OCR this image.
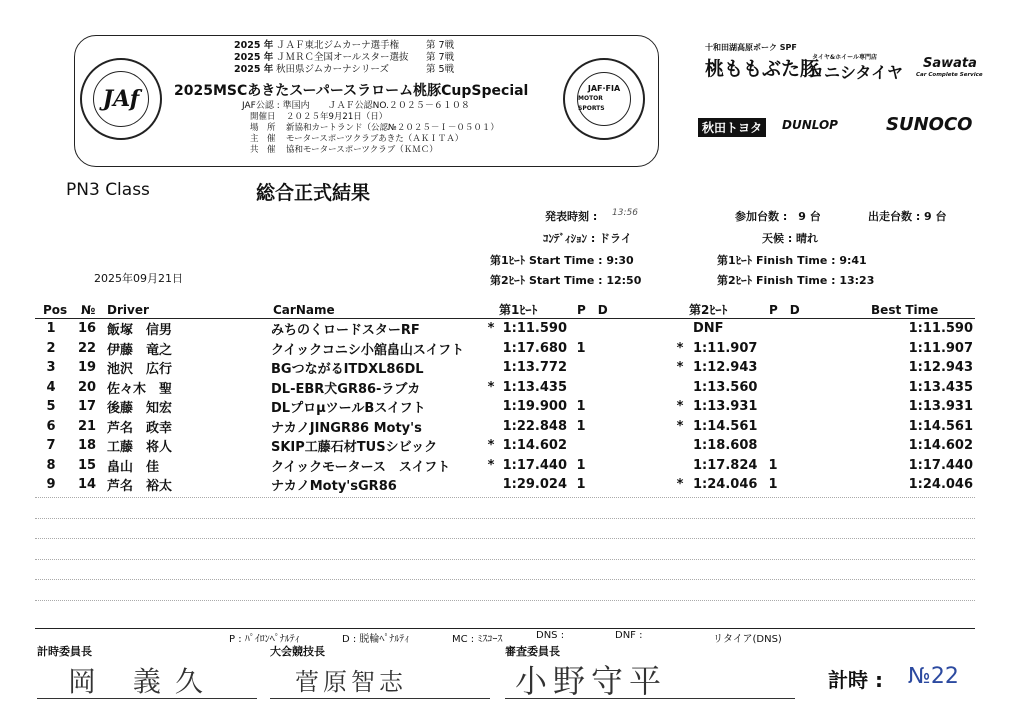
JAf	JAF·FIA
MOTOR SPORTS
2025 年 ＪＡＦ東北ジムカーナ選手権	第 7戦
2025 年 ＪＭＲＣ全国オールスター選抜 第 7戦
2025 年 秋田県ジムカーナシリーズ	第 5戦
2025MSCあきたスーパースラローム桃豚CupSpecial
JAF公認 : 準国内　　ＪＡＦ公認NO.２０２５－６１０８
開催日 ２０２５年9月21日（日）
場　所 新協和カートランド（公認№２０２５－Ｉ－０５０１）
主　催 モータースポーツクラブあきた（ＡＫＩＴＡ）
共　催 協和モータースポーツクラブ（ＫＭＣ）
十和田湖高原ポーク SPF
桃ももぶた豚
タイヤ&ホイール専門店
コニシタイヤ Sawata
Car Complete Service
秋田トヨタ	DUNLOP	SUNOCO
PN3 Class	総合正式結果
発表時刻 : 13:56
ｺﾝﾃﾞｨｼｮﾝ : ドライ
第1ﾋｰﾄ Start Time : 9:30
第2ﾋｰﾄ Start Time : 12:50
参加台数 :　9 台	出走台数 : 9 台
天候 : 晴れ
第1ﾋｰﾄ Finish Time : 9:41
第2ﾋｰﾄ Finish Time : 13:23
2025年09月21日
Pos	№	Driver	CarName		第1ﾋｰﾄ	P　D			第2ﾋｰﾄ	P　D		Best Time
1	16	飯塚　信男	みちのくロードスターRF	*	1:11.590				DNF			1:11.590
2	22	伊藤　竜之	クイックコニシ小舘畠山スイフト		1:17.680	1		*	1:11.907			1:11.907
3	19	池沢　広行	BGつながるITDXL86DL		1:13.772			*	1:12.943			1:12.943
4	20	佐々木　聖	DL-EBR犬GR86-ラブカ	*	1:13.435				1:13.560			1:13.435
5	17	後藤　知宏	DLプロμツールBスイフト		1:19.900	1		*	1:13.931			1:13.931
6	21	芦名　政幸	ナカノJINGR86 Moty's		1:22.848	1		*	1:14.561			1:14.561
7	18	工藤　将人	SKIP工藤石材TUSシビック	*	1:14.602				1:18.608			1:14.602
8	15	畠山　佳	クイックモータース　スイフト	*	1:17.440	1			1:17.824	1		1:17.440
9	14	芦名　裕太	ナカノMoty'sGR86		1:29.024	1		*	1:24.046	1		1:24.046
P : ﾊﾟｲﾛﾝﾍﾟﾅﾙﾃｨ	D : 脱輪ﾍﾟﾅﾙﾃｨ	MC : ﾐｽｺｰｽ	DNS :	DNF :	リタイア(DNS)
計時委員長
岡 義久
大会競技長
菅原智志
審査委員長
小野守平	計時 : №22
